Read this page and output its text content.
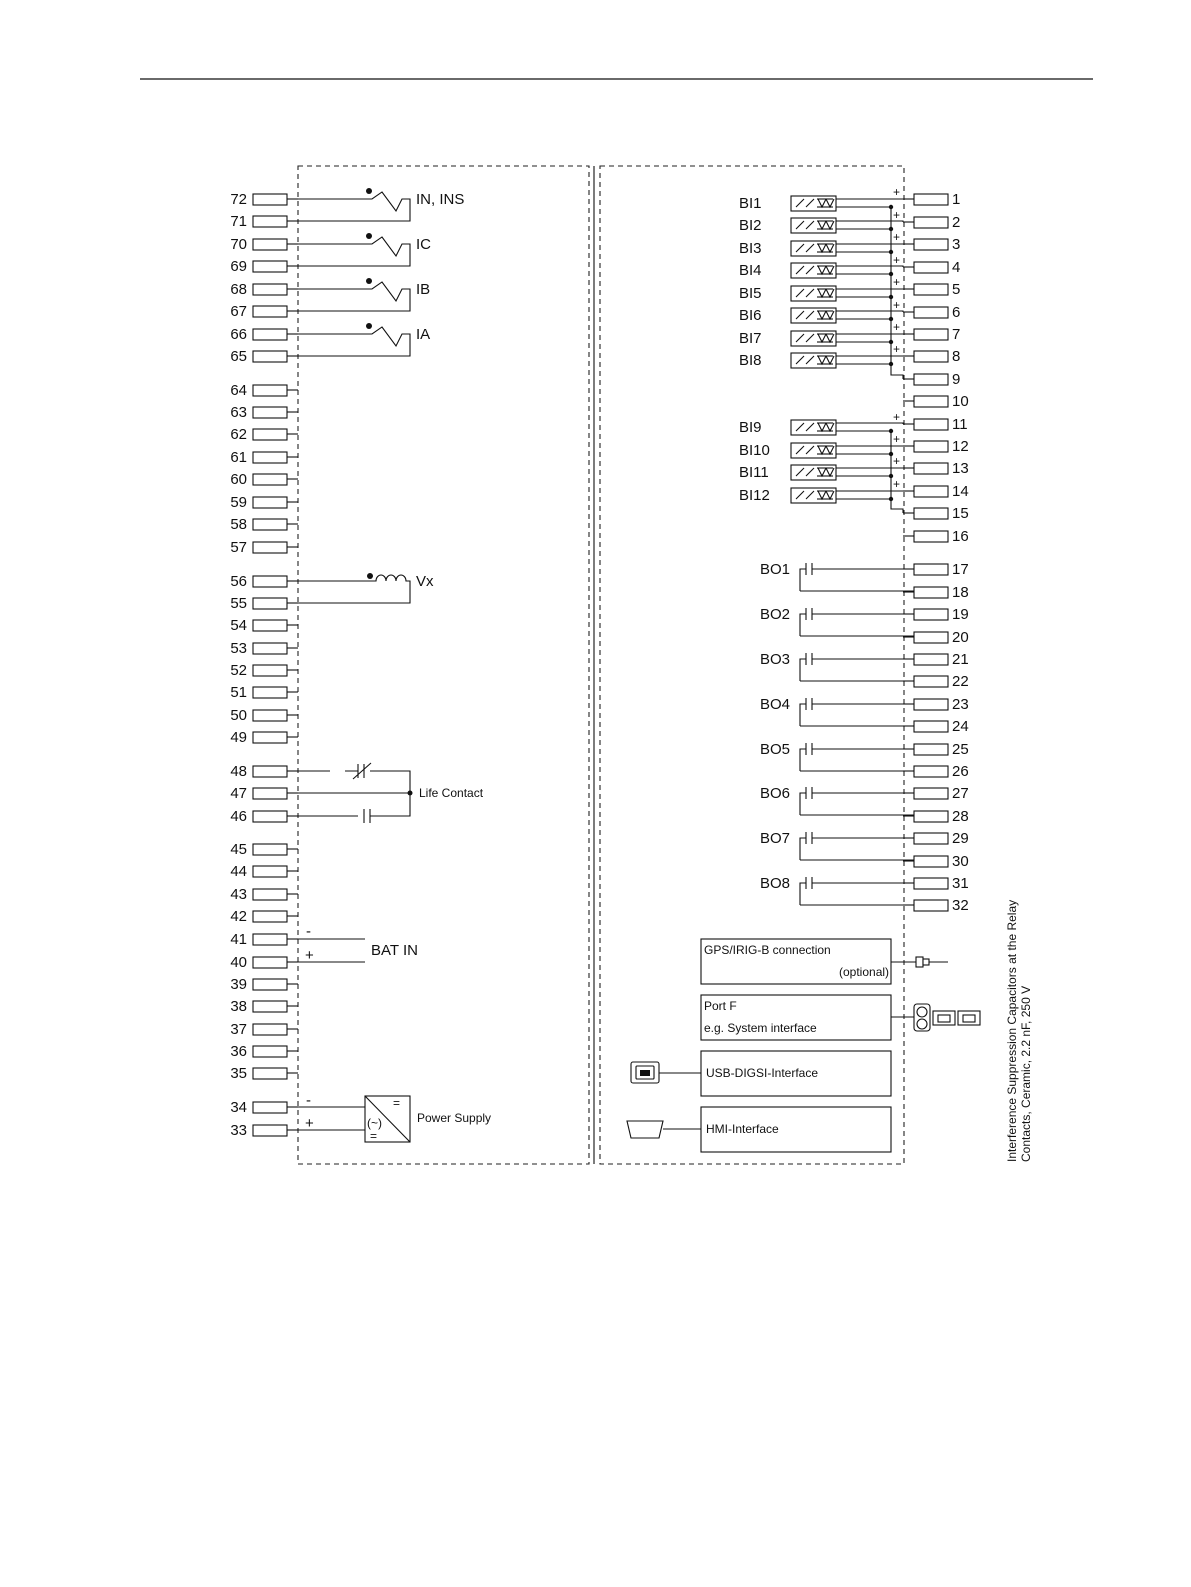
72
71
70
69
68
67
66
65
64
63
62
61
60
59
58
57
56
55
54
53
52
51
50
49
48
47
46
45
44
43
42
41
40
39
38
37
36
35
34
33
1
2
3
4
5
6
7
8
9
10
11
12
13
14
15
16
17
18
19
20
21
22
23
24
25
26
27
28
29
30
31
32
IN, INS
IC
IB
IA
Vx
BI1
+
BI2
+
BI3
+
BI4
+
BI5
+
BI6
+
BI7
+
BI8
+
BI9
+
BI10
+
BI11
+
BI12
+
-
-
BO1
BO2
BO3
BO4
BO5
BO6
BO7
BO8
Life Contact
-
+	BAT IN
-
+
=
(~)
=
Power Supply
GPS/IRIG-B connection
(optional)
Port F
e.g. System interface
USB-DIGSI-Interface
HMI-Interface	Interference Suppression Capacitors at the Relay Contacts, Ceramic, 2.2 nF, 250 V
